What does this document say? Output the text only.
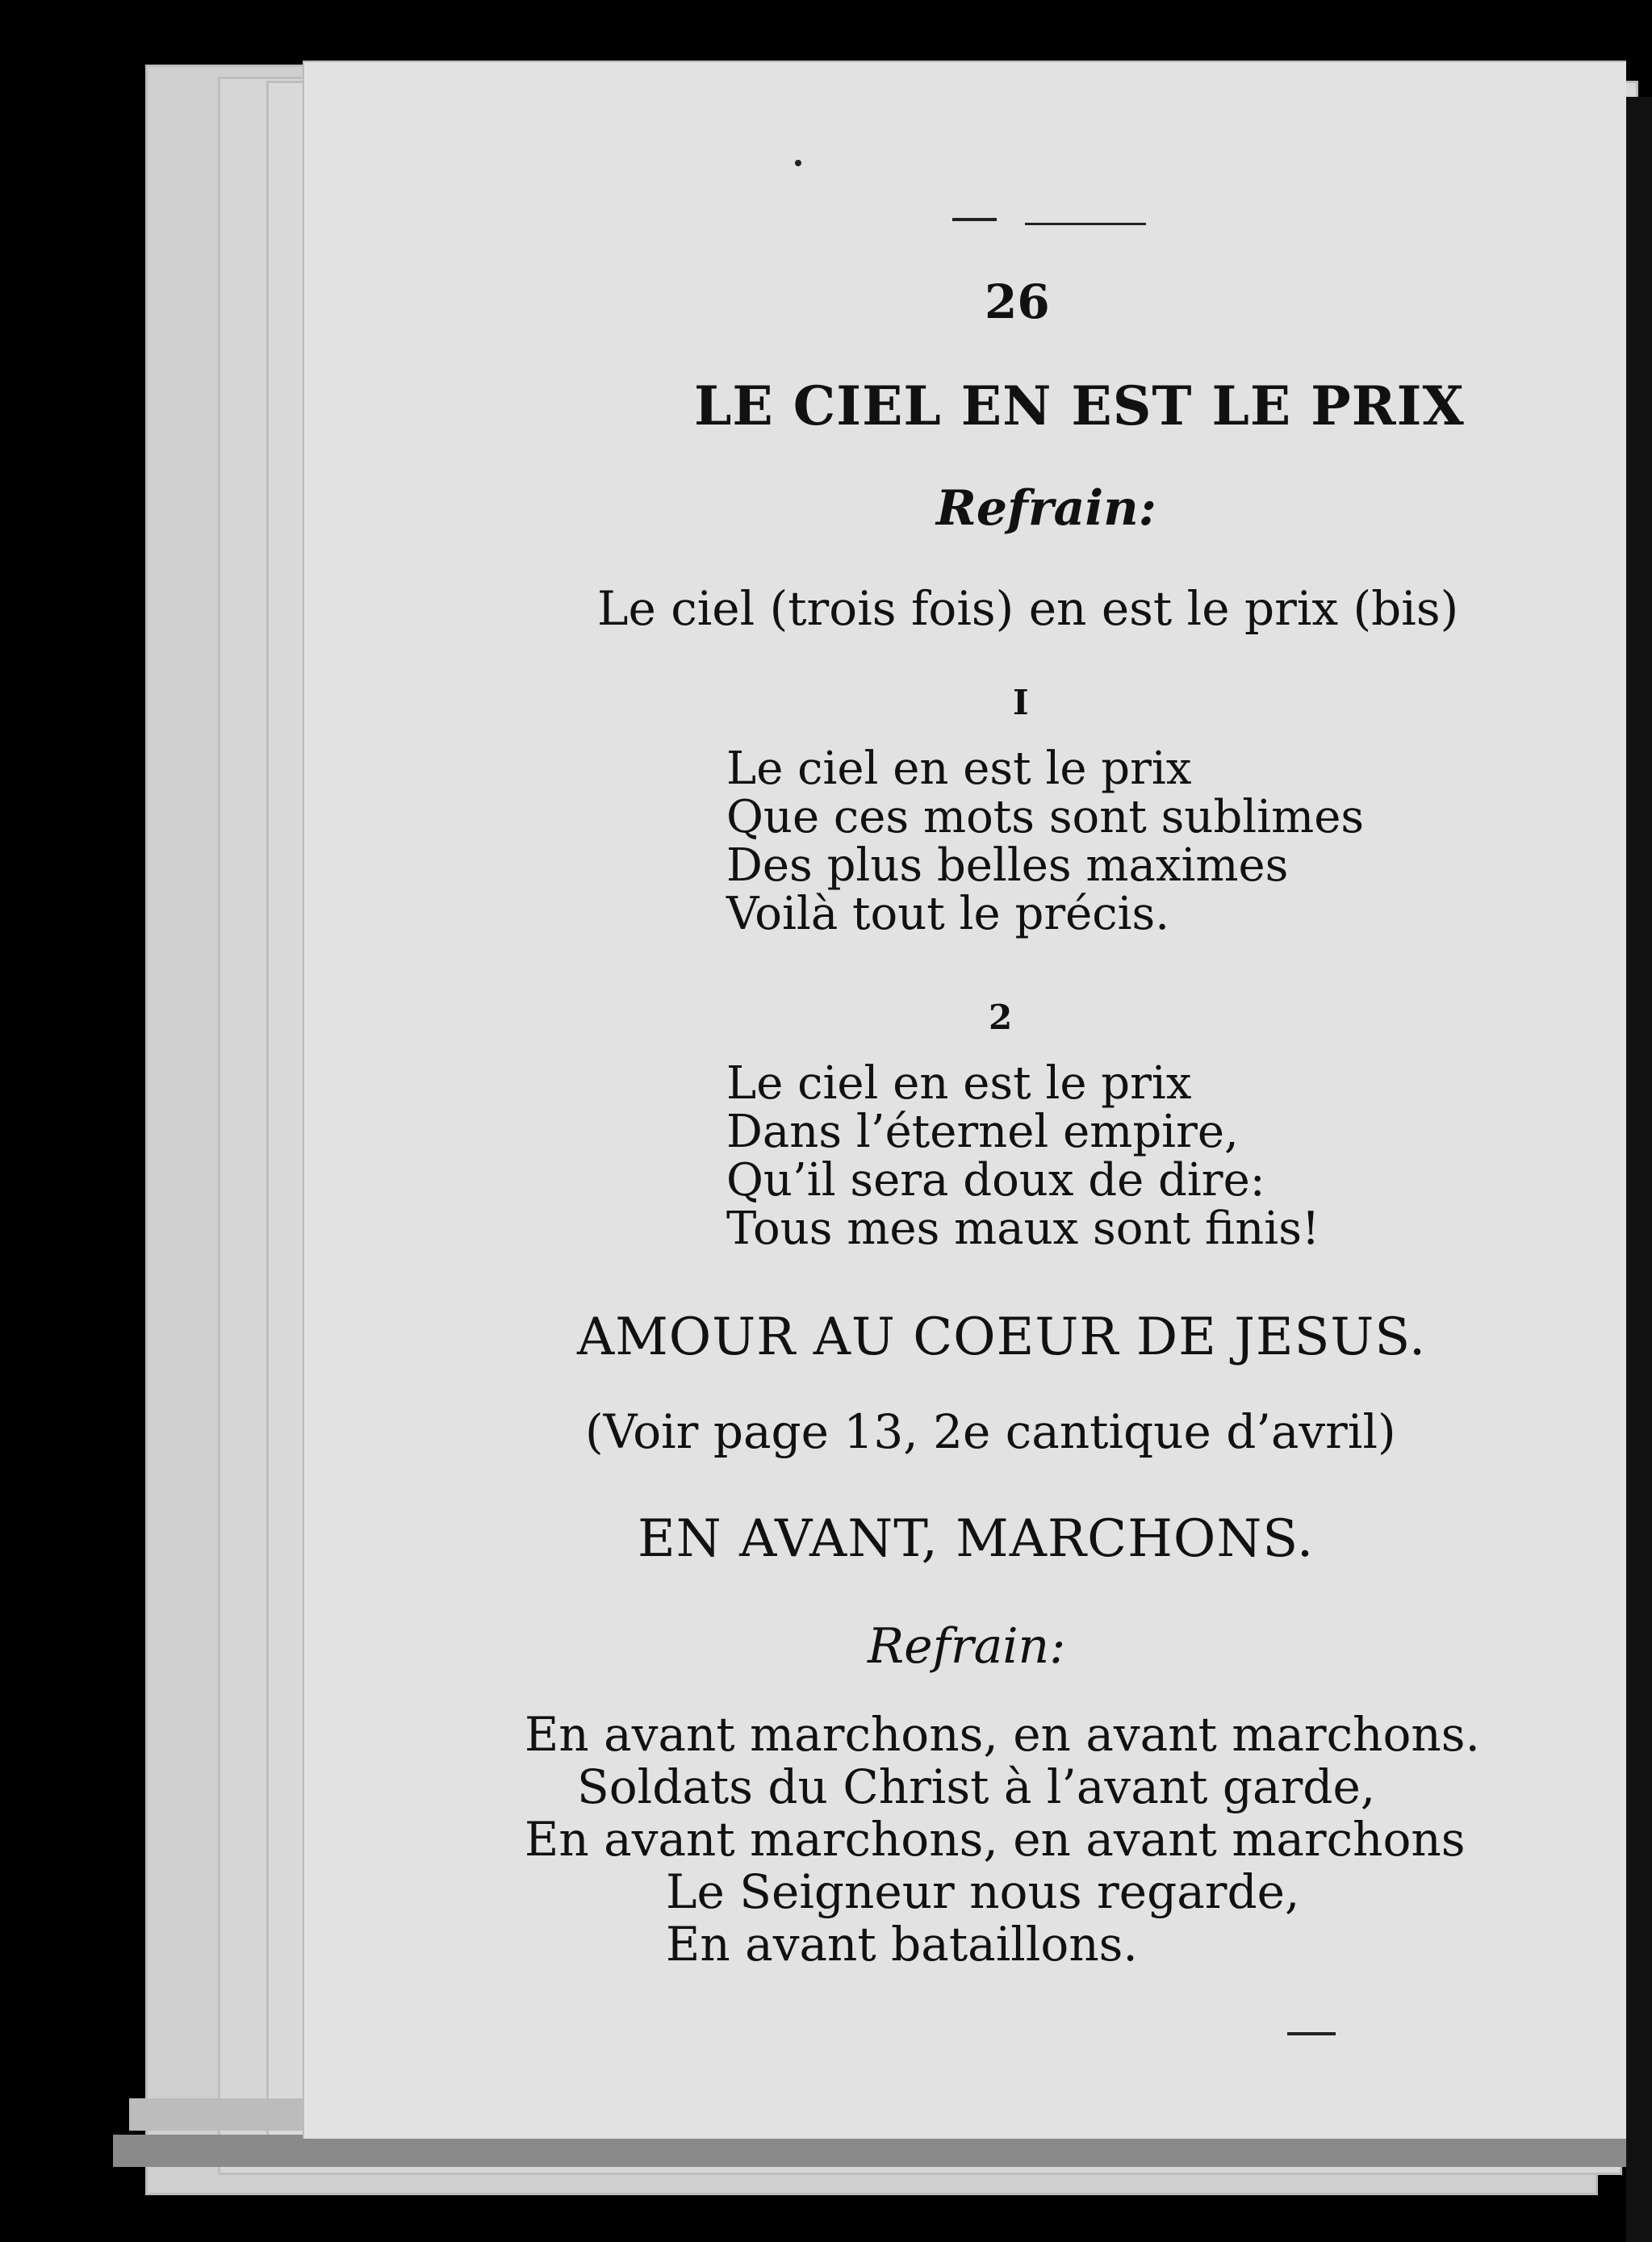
26
LE CIEL EN EST LE PRIX
Refrain:
Le ciel (trois fois) en est le prix (bis)
I
Le ciel en est le prix
Que ces mots sont sublimes
Des plus belles maximes
Voilà tout le précis.
2
Le ciel en est le prix
Dans l’éternel empire,
Qu’il sera doux de dire:
Tous mes maux sont finis!
AMOUR AU COEUR DE JESUS.
(Voir page 13, 2e cantique d’avril)
EN AVANT, MARCHONS.
Refrain:
En avant marchons, en avant marchons.
Soldats du Christ à l’avant garde,
En avant marchons, en avant marchons
Le Seigneur nous regarde,
En avant bataillons.
